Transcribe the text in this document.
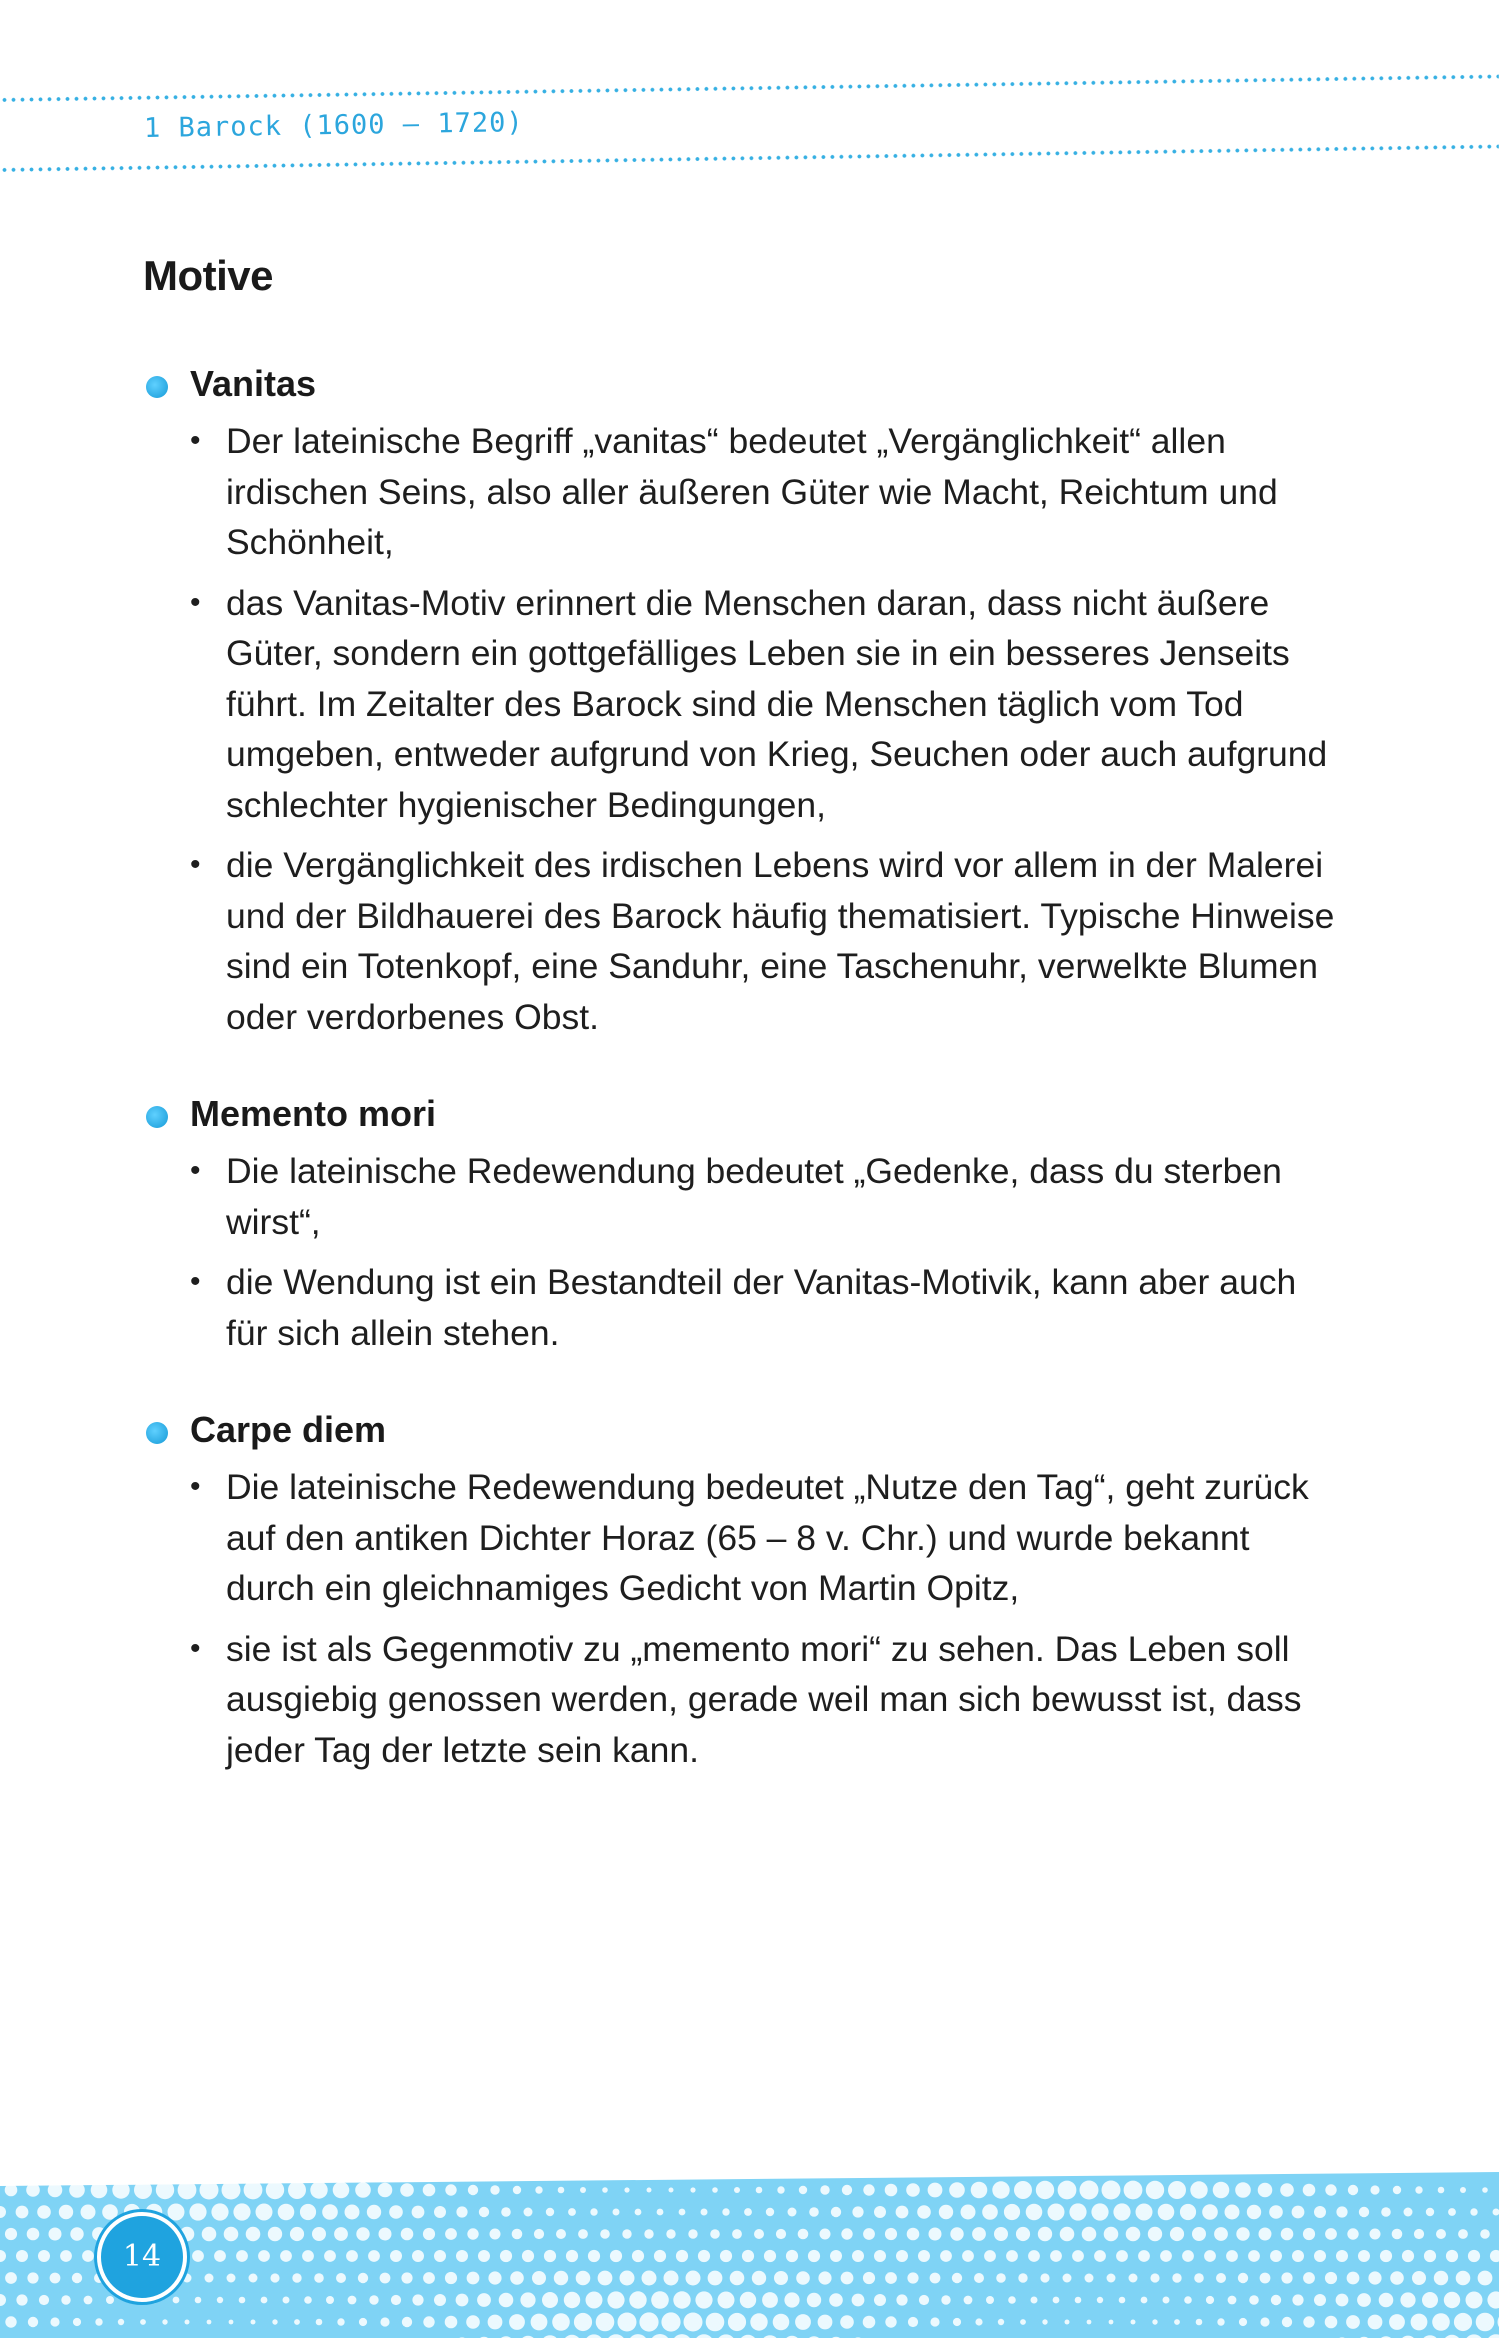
1 Barock (1600 – 1720)
Motive
Vanitas
• Der lateinische Begriff „vanitas“ bedeutet „Vergänglichkeit“ allen irdischen Seins, also aller äußeren Güter wie Macht, Reichtum und Schönheit,
• das Vanitas-Motiv erinnert die Menschen daran, dass nicht äußere Güter, sondern ein gottgefälliges Leben sie in ein besseres Jenseits führt. Im Zeitalter des Barock sind die Menschen täglich vom Tod umgeben, entweder aufgrund von Krieg, Seuchen oder auch aufgrund schlechter hygienischer Bedingungen,
• die Vergänglichkeit des irdischen Lebens wird vor allem in der Malerei und der Bildhauerei des Barock häufig thematisiert. Typische Hinweise sind ein Totenkopf, eine Sanduhr, eine Taschenuhr, verwelkte Blumen oder verdorbenes Obst.
Memento mori
• Die lateinische Redewendung bedeutet „Gedenke, dass du sterben wirst“,
• die Wendung ist ein Bestandteil der Vanitas-Motivik, kann aber auch für sich allein stehen.
Carpe diem
• Die lateinische Redewendung bedeutet „Nutze den Tag“, geht zurück auf den antiken Dichter Horaz (65 – 8 v. Chr.) und wurde bekannt durch ein gleichnamiges Gedicht von Martin Opitz,
• sie ist als Gegenmotiv zu „memento mori“ zu sehen. Das Leben soll ausgiebig genossen werden, gerade weil man sich bewusst ist, dass jeder Tag der letzte sein kann.
14
